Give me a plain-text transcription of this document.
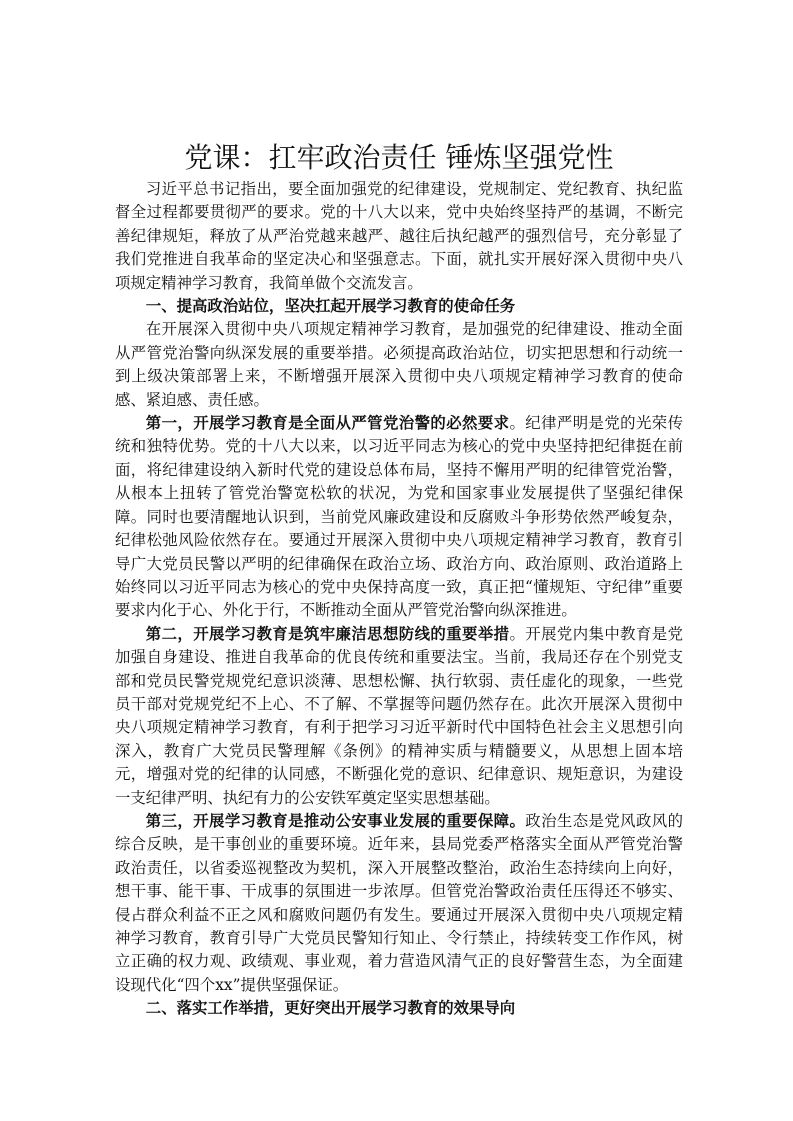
党课：扛牢政治责任 锤炼坚强党性

习近平总书记指出，要全面加强党的纪律建设，党规制定、党纪教育、执纪监督全过程都要贯彻严的要求。党的十八大以来，党中央始终坚持严的基调，不断完善纪律规矩，释放了从严治党越来越严、越往后执纪越严的强烈信号，充分彰显了我们党推进自我革命的坚定决心和坚强意志。下面，就扎实开展好深入贯彻中央八项规定精神学习教育，我简单做个交流发言。

一、提高政治站位，坚决扛起开展学习教育的使命任务

在开展深入贯彻中央八项规定精神学习教育，是加强党的纪律建设、推动全面从严管党治警向纵深发展的重要举措。必须提高政治站位，切实把思想和行动统一到上级决策部署上来，不断增强开展深入贯彻中央八项规定精神学习教育的使命感、紧迫感、责任感。

第一，开展学习教育是全面从严管党治警的必然要求。纪律严明是党的光荣传统和独特优势。党的十八大以来，以习近平同志为核心的党中央坚持把纪律挺在前面，将纪律建设纳入新时代党的建设总体布局，坚持不懈用严明的纪律管党治警，从根本上扭转了管党治警宽松软的状况，为党和国家事业发展提供了坚强纪律保障。同时也要清醒地认识到，当前党风廉政建设和反腐败斗争形势依然严峻复杂，纪律松弛风险依然存在。要通过开展深入贯彻中央八项规定精神学习教育，教育引导广大党员民警以严明的纪律确保在政治立场、政治方向、政治原则、政治道路上始终同以习近平同志为核心的党中央保持高度一致，真正把“懂规矩、守纪律”重要要求内化于心、外化于行，不断推动全面从严管党治警向纵深推进。

第二，开展学习教育是筑牢廉洁思想防线的重要举措。开展党内集中教育是党加强自身建设、推进自我革命的优良传统和重要法宝。当前，我局还存在个别党支部和党员民警党规党纪意识淡薄、思想松懈、执行软弱、责任虚化的现象，一些党员干部对党规党纪不上心、不了解、不掌握等问题仍然存在。此次开展深入贯彻中央八项规定精神学习教育，有利于把学习习近平新时代中国特色社会主义思想引向深入，教育广大党员民警理解《条例》的精神实质与精髓要义，从思想上固本培元，增强对党的纪律的认同感，不断强化党的意识、纪律意识、规矩意识，为建设一支纪律严明、执纪有力的公安铁军奠定坚实思想基础。

第三，开展学习教育是推动公安事业发展的重要保障。政治生态是党风政风的综合反映，是干事创业的重要环境。近年来，县局党委严格落实全面从严管党治警政治责任，以省委巡视整改为契机，深入开展整改整治，政治生态持续向上向好，想干事、能干事、干成事的氛围进一步浓厚。但管党治警政治责任压得还不够实、侵占群众利益不正之风和腐败问题仍有发生。要通过开展深入贯彻中央八项规定精神学习教育，教育引导广大党员民警知行知止、令行禁止，持续转变工作作风，树立正确的权力观、政绩观、事业观，着力营造风清气正的良好警营生态，为全面建设现代化“四个xx”提供坚强保证。

二、落实工作举措，更好突出开展学习教育的效果导向
